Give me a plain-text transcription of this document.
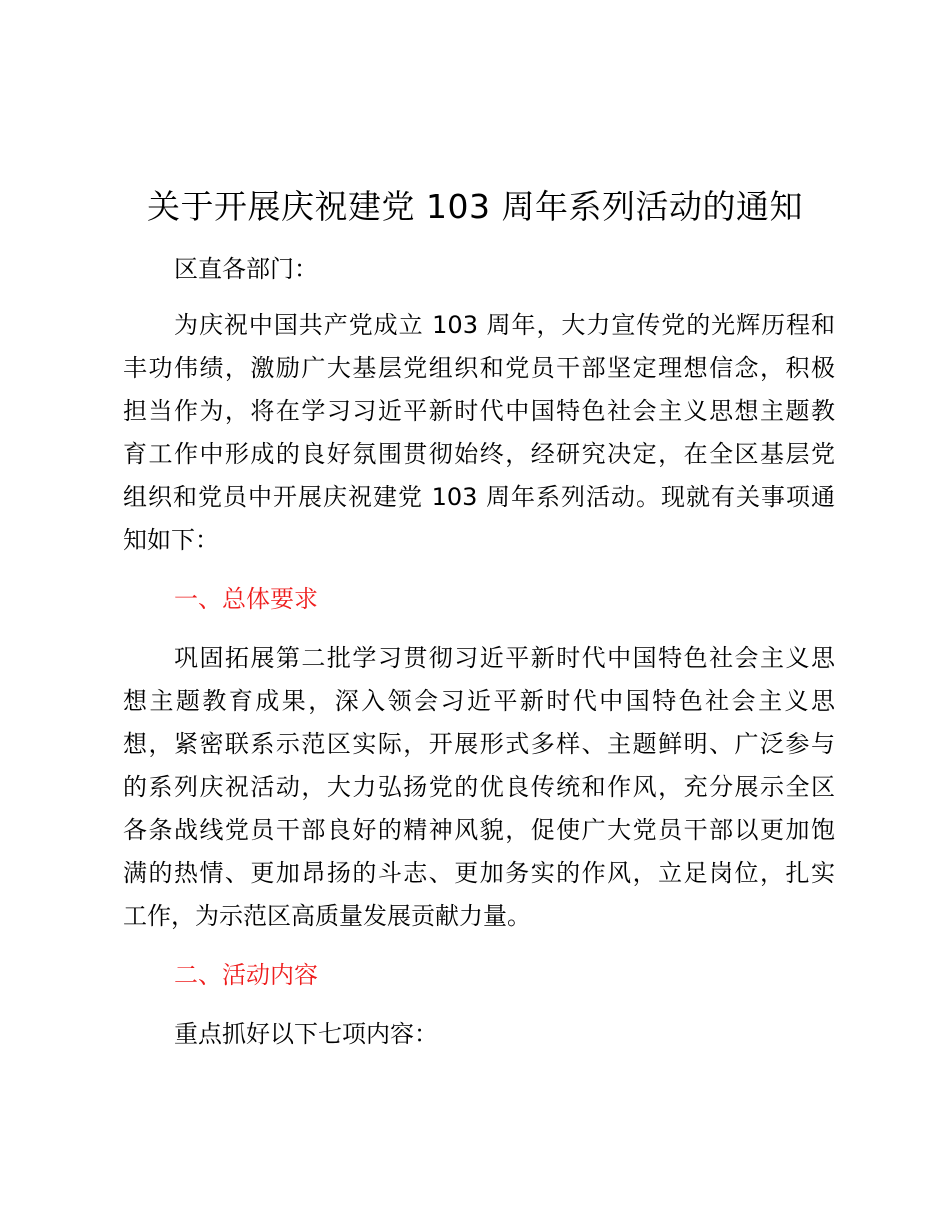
关于开展庆祝建党 103 周年系列活动的通知
区直各部门：
为庆祝中国共产党成立 103 周年，大力宣传党的光辉历程和
丰功伟绩，激励广大基层党组织和党员干部坚定理想信念，积极
担当作为，将在学习习近平新时代中国特色社会主义思想主题教
育工作中形成的良好氛围贯彻始终，经研究决定，在全区基层党
组织和党员中开展庆祝建党 103 周年系列活动。现就有关事项通
知如下：
一、总体要求
巩固拓展第二批学习贯彻习近平新时代中国特色社会主义思
想主题教育成果，深入领会习近平新时代中国特色社会主义思
想，紧密联系示范区实际，开展形式多样、主题鲜明、广泛参与
的系列庆祝活动，大力弘扬党的优良传统和作风，充分展示全区
各条战线党员干部良好的精神风貌，促使广大党员干部以更加饱
满的热情、更加昂扬的斗志、更加务实的作风，立足岗位，扎实
工作，为示范区高质量发展贡献力量。
二、活动内容
重点抓好以下七项内容：
